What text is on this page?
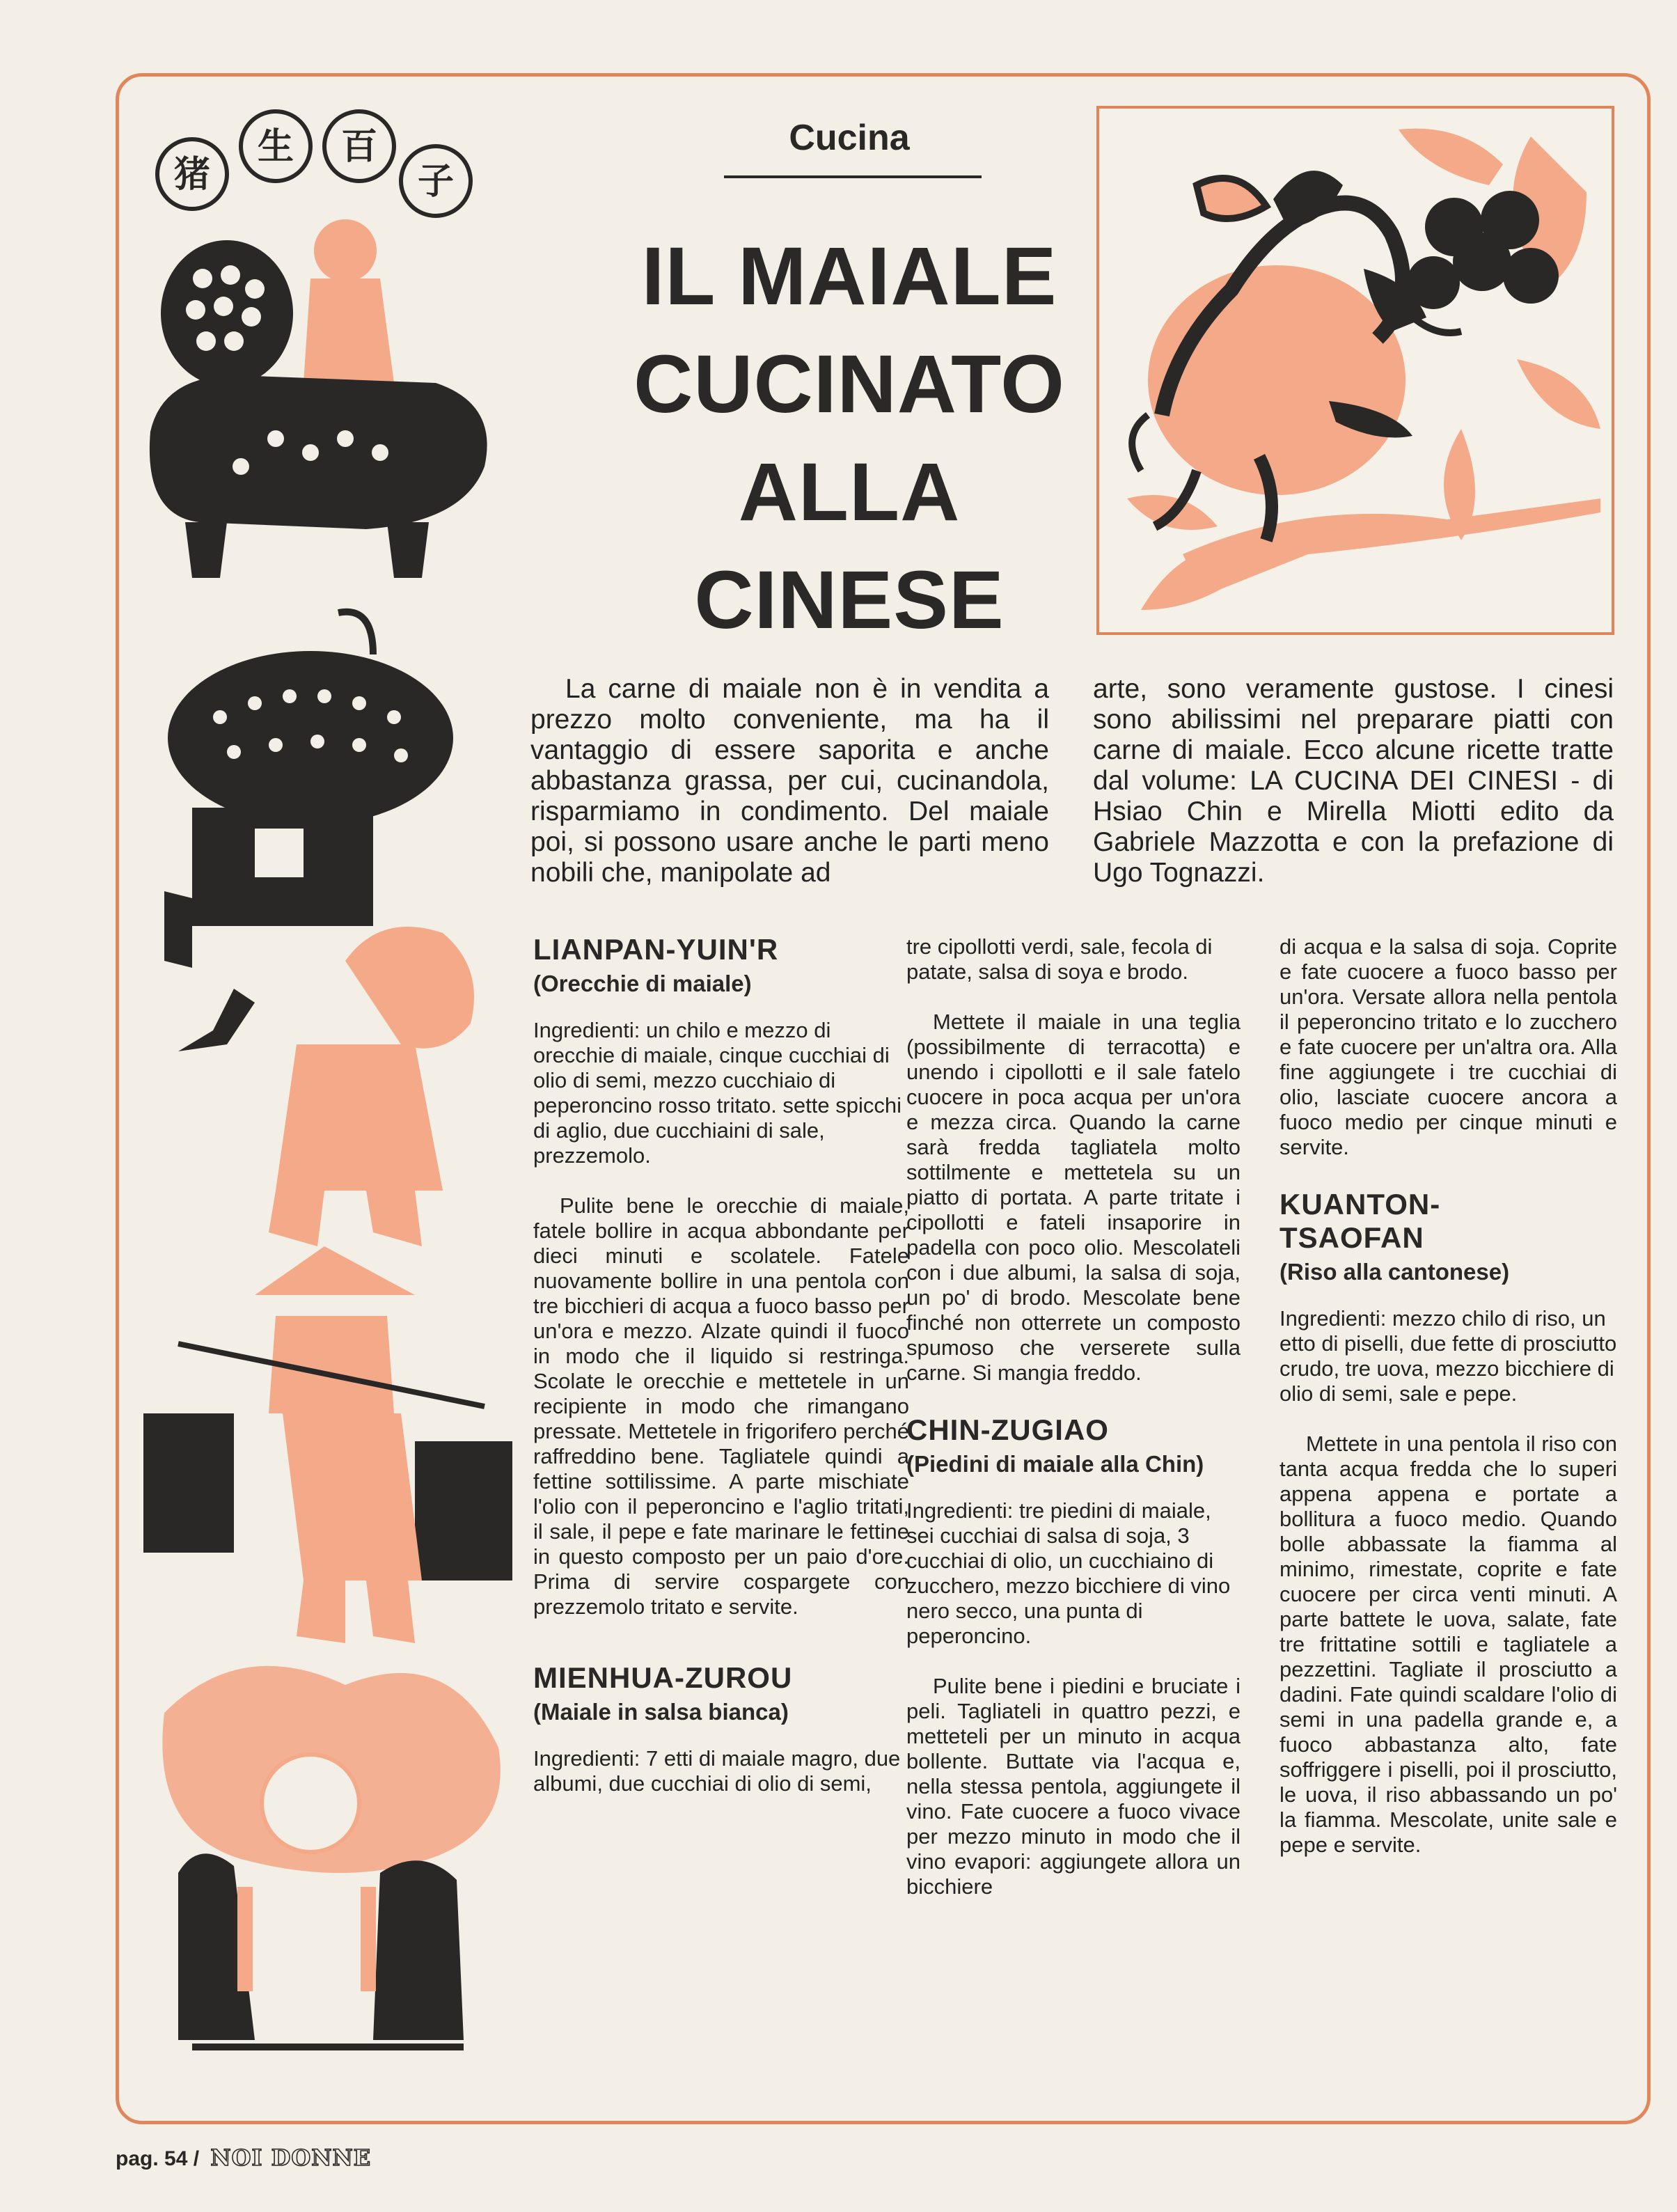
猪
生 百
子
Cucina
IL MAIALE
CUCINATO
ALLA
CINESE

La carne di maiale non è in vendita a prezzo molto conveniente, ma ha il vantaggio di essere saporita e anche abbastanza grassa, per cui, cucinandola, risparmiamo in condimento. Del maiale poi, si possono usare anche le parti meno nobili che, manipolate ad

arte, sono veramente gustose. I cinesi sono abilissimi nel preparare piatti con carne di maiale. Ecco alcune ricette tratte dal volume: LA CUCINA DEI CINESI - di Hsiao Chin e Mirella Miotti edito da Gabriele Mazzotta e con la prefazione di Ugo Tognazzi.

LIANPAN-YUIN'R
(Orecchie di maiale)

Ingredienti: un chilo e mezzo di orecchie di maiale, cinque cucchiai di olio di semi, mezzo cucchiaio di peperoncino rosso tritato. sette spicchi di aglio, due cucchiaini di sale, prezzemolo.

Pulite bene le orecchie di maiale, fatele bollire in acqua abbondante per dieci minuti e scolatele. Fatele nuovamente bollire in una pentola con tre bicchieri di acqua a fuoco basso per un'ora e mezzo. Alzate quindi il fuoco in modo che il liquido si restringa. Scolate le orecchie e mettetele in un recipiente in modo che rimangano pressate. Mettetele in frigorifero perché raffreddino bene. Tagliatele quindi a fettine sottilissime. A parte mischiate l'olio con il peperoncino e l'aglio tritati, il sale, il pepe e fate marinare le fettine in questo composto per un paio d'ore. Prima di servire cospargete con prezzemolo tritato e servite.

MIENHUA-ZUROU
(Maiale in salsa bianca)

Ingredienti: 7 etti di maiale magro, due albumi, due cucchiai di olio di semi,

tre cipollotti verdi, sale, fecola di patate, salsa di soya e brodo.

Mettete il maiale in una teglia (possibilmente di terracotta) e unendo i cipollotti e il sale fatelo cuocere in poca acqua per un'ora e mezza circa. Quando la carne sarà fredda tagliatela molto sottilmente e mettetela su un piatto di portata. A parte tritate i cipollotti e fateli insaporire in padella con poco olio. Mescolateli con i due albumi, la salsa di soja, un po' di brodo. Mescolate bene finché non otterrete un composto spumoso che verserete sulla carne. Si mangia freddo.

CHIN-ZUGIAO
(Piedini di maiale alla Chin)

Ingredienti: tre piedini di maiale, sei cucchiai di salsa di soja, 3 cucchiai di olio, un cucchiaino di zucchero, mezzo bicchiere di vino nero secco, una punta di peperoncino.

Pulite bene i piedini e bruciate i peli. Tagliateli in quattro pezzi, e metteteli per un minuto in acqua bollente. Buttate via l'acqua e, nella stessa pentola, aggiungete il vino. Fate cuocere a fuoco vivace per mezzo minuto in modo che il vino evapori: aggiungete allora un bicchiere

di acqua e la salsa di soja. Coprite e fate cuocere a fuoco basso per un'ora. Versate allora nella pentola il peperoncino tritato e lo zucchero e fate cuocere per un'altra ora. Alla fine aggiungete i tre cucchiai di olio, lasciate cuocere ancora a fuoco medio per cinque minuti e servite.

KUANTON-
TSAOFAN
(Riso alla cantonese)

Ingredienti: mezzo chilo di riso, un etto di piselli, due fette di prosciutto crudo, tre uova, mezzo bicchiere di olio di semi, sale e pepe.

Mettete in una pentola il riso con tanta acqua fredda che lo superi appena appena e portate a bollitura a fuoco medio. Quando bolle abbassate la fiamma al minimo, rimestate, coprite e fate cuocere per circa venti minuti. A parte battete le uova, salate, fate tre frittatine sottili e tagliatele a pezzettini. Tagliate il prosciutto a dadini. Fate quindi scaldare l'olio di semi in una padella grande e, a fuoco abbastanza alto, fate soffriggere i piselli, poi il prosciutto, le uova, il riso abbassando un po' la fiamma. Mescolate, unite sale e pepe e servite.

pag. 54 / NOI DONNE
